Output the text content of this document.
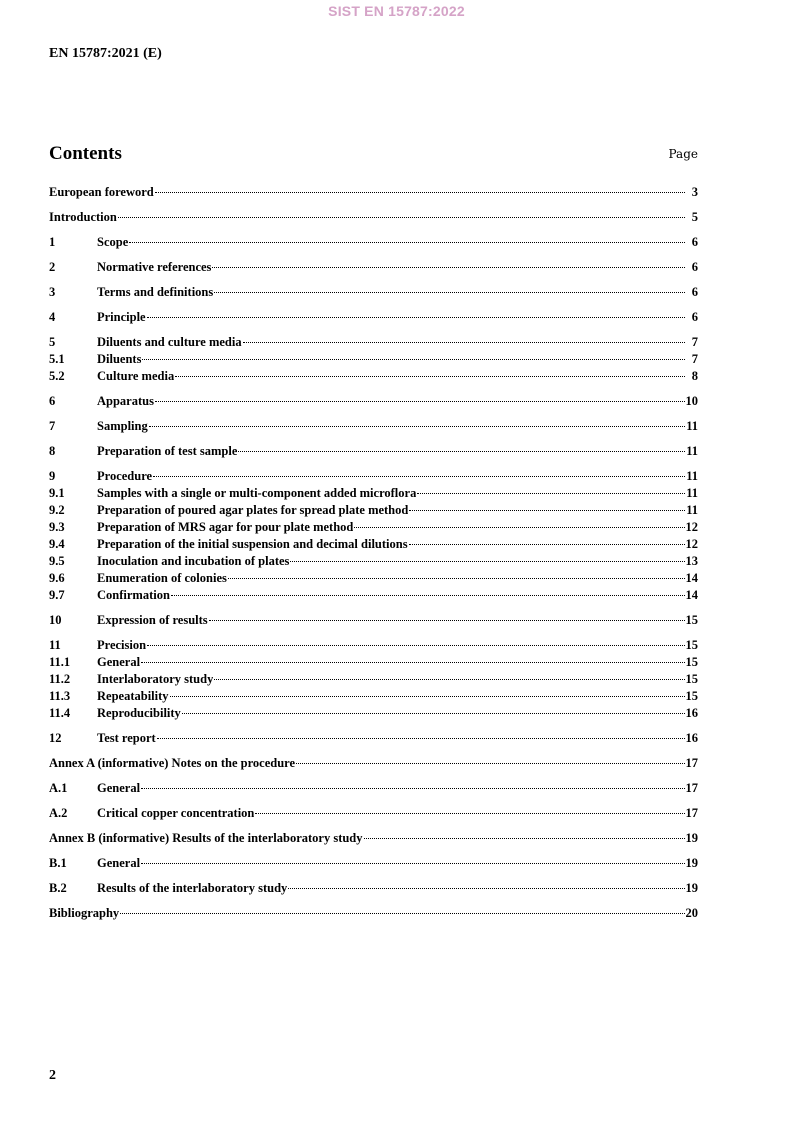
SIST EN 15787:2022
EN 15787:2021 (E)
Contents	Page
European foreword	3
Introduction	5
1	Scope	6
2	Normative references	6
3	Terms and definitions	6
4	Principle	6
5	Diluents and culture media	7
5.1	Diluents	7
5.2	Culture media	8
6	Apparatus	10
7	Sampling	11
8	Preparation of test sample	11
9	Procedure	11
9.1	Samples with a single or multi-component added microflora	11
9.2	Preparation of poured agar plates for spread plate method	11
9.3	Preparation of MRS agar for pour plate method	12
9.4	Preparation of the initial suspension and decimal dilutions	12
9.5	Inoculation and incubation of plates	13
9.6	Enumeration of colonies	14
9.7	Confirmation	14
10	Expression of results	15
11	Precision	15
11.1	General	15
11.2	Interlaboratory study	15
11.3	Repeatability	15
11.4	Reproducibility	16
12	Test report	16
Annex A (informative) Notes on the procedure	17
A.1	General	17
A.2	Critical copper concentration	17
Annex B (informative) Results of the interlaboratory study	19
B.1	General	19
B.2	Results of the interlaboratory study	19
Bibliography	20
2
